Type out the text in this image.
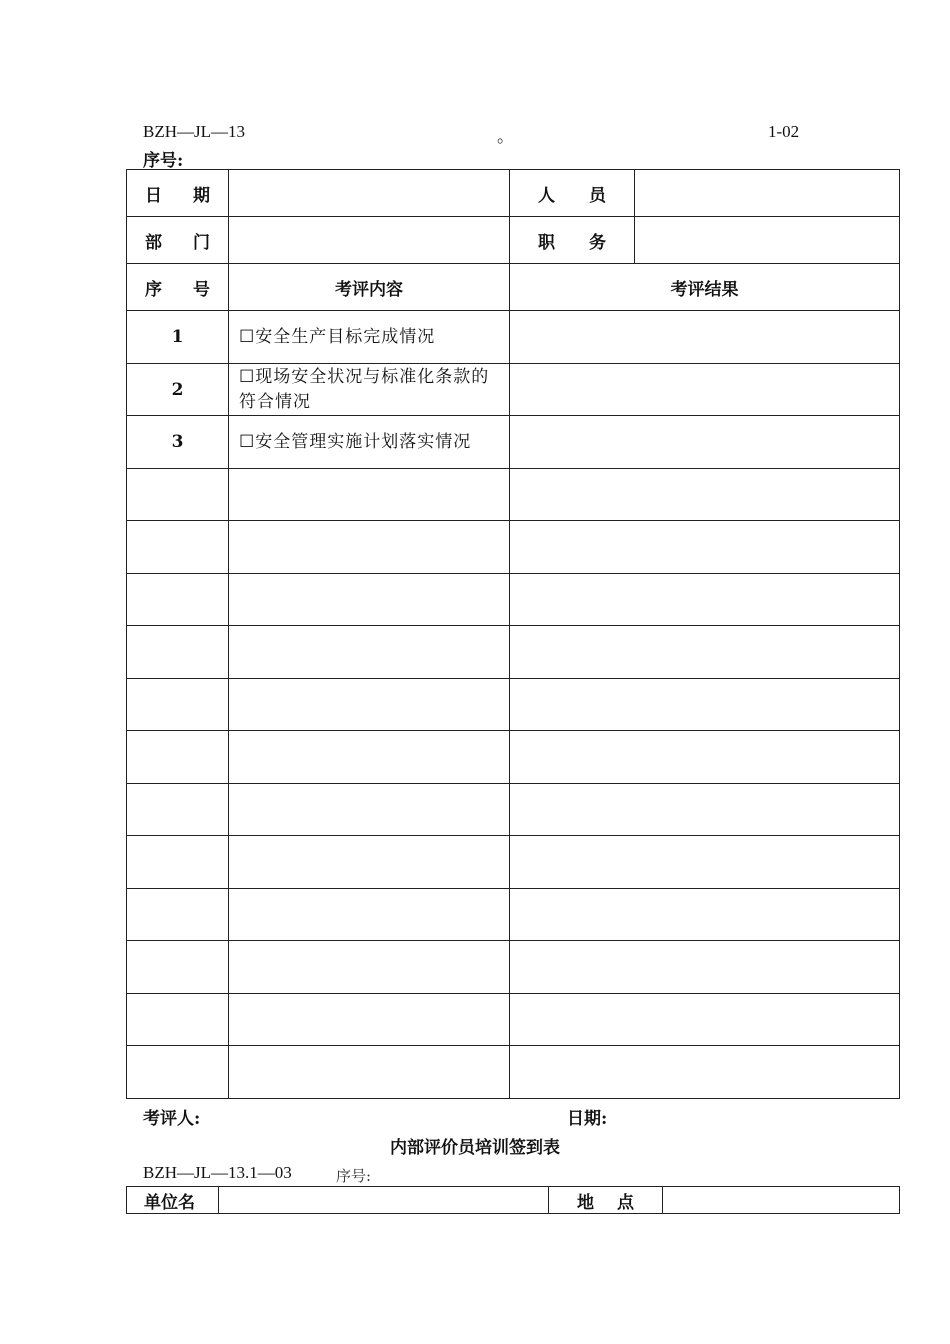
BZH—JL—13	。	1-02
序号:
日 期		人 员	

部 门		职 务	

序 号	考评内容	考评结果	
1	☐安全生产目标完成情况		
2	☐现场安全状况与标准化条款的符合情况		
3	☐安全管理实施计划落实情况		

考评人:	日期:
内部评价员培训签到表
BZH—JL—13.1—03	序号:
单位名		地 点
